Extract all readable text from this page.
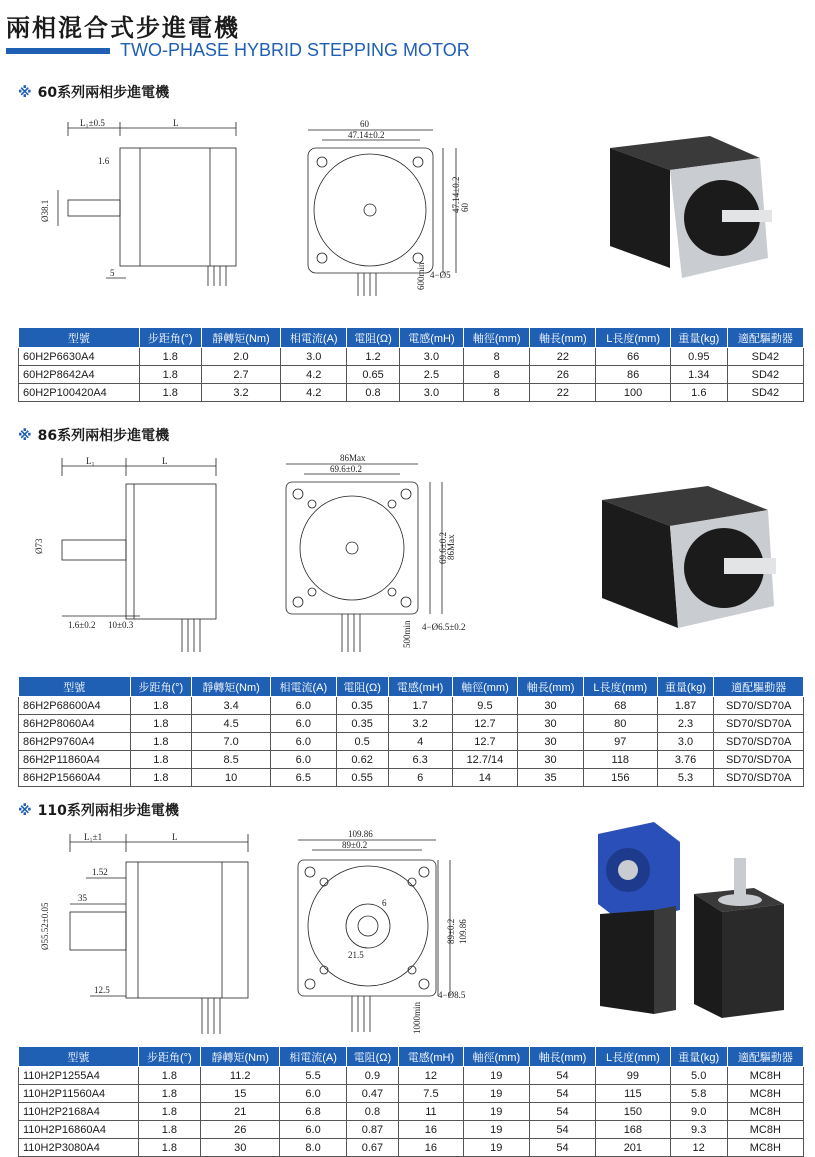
兩相混合式步進電機
TWO-PHASE HYBRID STEPPING MOTOR
※ 60系列兩相步進電機
L₁±0.5	L
1.6
Ø38.1
5
60
47.14±0.2
47.14±0.2 60
4−Ø5
600min
型號	步距角(°)	靜轉矩(Nm)	相電流(A)	電阻(Ω)	電感(mH)	軸徑(mm)	軸長(mm)	L長度(mm)	重量(kg)	適配驅動器
60H2P6630A4	1.8	2.0	3.0	1.2	3.0	8	22	66	0.95	SD42
60H2P8642A4	1.8	2.7	4.2	0.65	2.5	8	26	86	1.34	SD42
60H2P100420A4	1.8	3.2	4.2	0.8	3.0	8	22	100	1.6	SD42
※ 86系列兩相步進電機
L₁	L
Ø73
1.6±0.2 10±0.3
86Max
69.6±0.2
69.6±0.2
86Max
4−Ø6.5±0.2
500min
型號	步距角(°)	靜轉矩(Nm)	相電流(A)	電阻(Ω)	電感(mH)	軸徑(mm)	軸長(mm)	L長度(mm)	重量(kg)	適配驅動器
86H2P68600A4	1.8	3.4	6.0	0.35	1.7	9.5	30	68	1.87	SD70/SD70A
86H2P8060A4	1.8	4.5	6.0	0.35	3.2	12.7	30	80	2.3	SD70/SD70A
86H2P9760A4	1.8	7.0	6.0	0.5	4	12.7	30	97	3.0	SD70/SD70A
86H2P11860A4	1.8	8.5	6.0	0.62	6.3	12.7/14	30	118	3.76	SD70/SD70A
86H2P15660A4	1.8	10	6.5	0.55	6	14	35	156	5.3	SD70/SD70A
※ 110系列兩相步進電機
L₁±1	L
1.52
35
Ø55.52±0.05
12.5
109.86
89±0.2
6
21.5
89±0.2 109.86
4−Ø8.5
1000min
型號	步距角(°)	靜轉矩(Nm)	相電流(A)	電阻(Ω)	電感(mH)	軸徑(mm)	軸長(mm)	L長度(mm)	重量(kg)	適配驅動器
110H2P1255A4	1.8	11.2	5.5	0.9	12	19	54	99	5.0	MC8H
110H2P11560A4	1.8	15	6.0	0.47	7.5	19	54	115	5.8	MC8H
110H2P2168A4	1.8	21	6.8	0.8	11	19	54	150	9.0	MC8H
110H2P16860A4	1.8	26	6.0	0.87	16	19	54	168	9.3	MC8H
110H2P3080A4	1.8	30	8.0	0.67	16	19	54	201	12	MC8H
